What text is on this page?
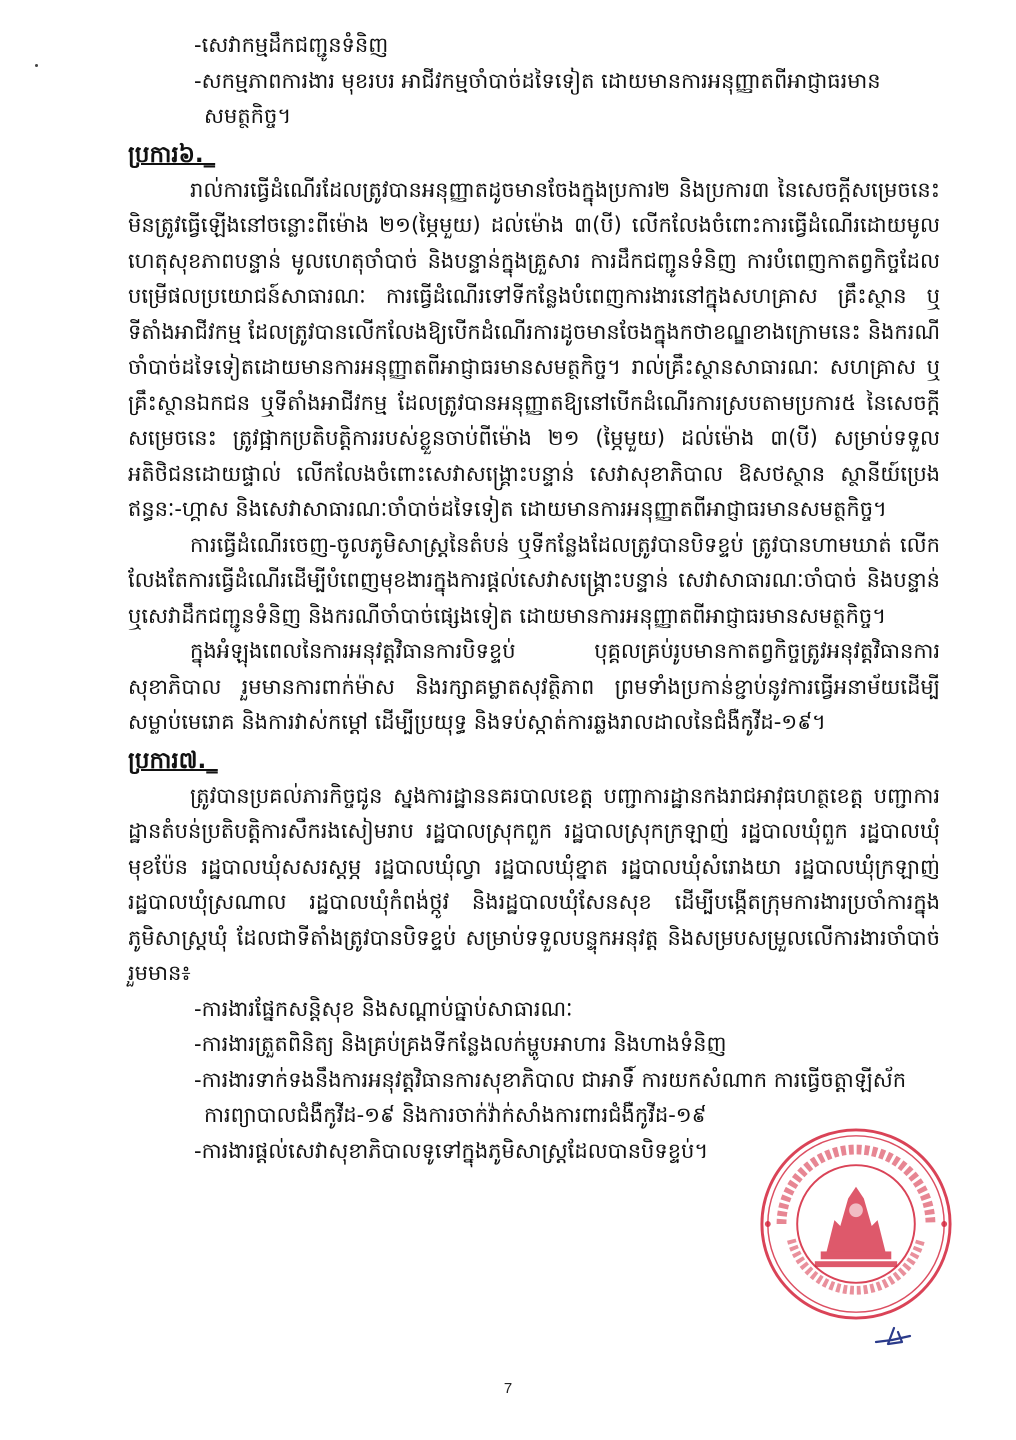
-សេវាកម្មដឹកជញ្ជូនទំនិញ

-សកម្មភាពការងារ មុខរបរ អាជីវកម្មចាំបាច់ដទៃទៀត ដោយមានការអនុញ្ញាតពីអាជ្ញាធរមាន

សមត្ថកិច្ច។

ប្រការ៦._

រាល់ការធ្វើដំណើរដែលត្រូវបានអនុញ្ញាតដូចមានចែងក្នុងប្រការ២ និងប្រការ៣ នៃសេចក្តីសម្រេចនេះ មិនត្រូវធ្វើឡើងនៅចន្លោះពីម៉ោង ២១(ម្ភៃមួយ) ដល់ម៉ោង ៣(បី) លើកលែងចំពោះការធ្វើដំណើរដោយមូលហេតុសុខភាពបន្ទាន់ មូលហេតុចាំបាច់ និងបន្ទាន់ក្នុងគ្រួសារ ការដឹកជញ្ជូនទំនិញ ការបំពេញកាតព្វកិច្ចដែលបម្រើផលប្រយោជន៍សាធារណៈ ការធ្វើដំណើរទៅទីកន្លែងបំពេញការងារនៅក្នុងសហគ្រាស គ្រឹះស្ថាន ឬទីតាំងអាជីវកម្ម ដែលត្រូវបានលើកលែងឱ្យបើកដំណើរការដូចមានចែងក្នុងកថាខណ្ឌខាងក្រោមនេះ និងករណីចាំបាច់ដទៃទៀតដោយមានការអនុញ្ញាតពីអាជ្ញាធរមានសមត្ថកិច្ច។ រាល់គ្រឹះស្ថានសាធារណៈ សហគ្រាស ឬគ្រឹះស្ថានឯកជន ឬទីតាំងអាជីវកម្ម ដែលត្រូវបានអនុញ្ញាតឱ្យនៅបើកដំណើរការស្របតាមប្រការ៥ នៃសេចក្តីសម្រេចនេះ ត្រូវផ្អាកប្រតិបត្តិការរបស់ខ្លួនចាប់ពីម៉ោង ២១ (ម្ភៃមួយ) ដល់ម៉ោង ៣(បី) សម្រាប់ទទួលអតិថិជនដោយផ្ទាល់ លើកលែងចំពោះសេវាសង្គ្រោះបន្ទាន់ សេវាសុខាភិបាល ឱសថស្ថាន ស្ថានីយ៍ប្រេងឥន្ធនៈ-ហ្គាស និងសេវាសាធារណៈចាំបាច់ដទៃទៀត ដោយមានការអនុញ្ញាតពីអាជ្ញាធរមានសមត្ថកិច្ច។

ការធ្វើដំណើរចេញ-ចូលភូមិសាស្ត្រនៃតំបន់ ឬទីកន្លែងដែលត្រូវបានបិទខ្ទប់ ត្រូវបានហាមឃាត់ លើកលែងតែការធ្វើដំណើរដើម្បីបំពេញមុខងារក្នុងការផ្តល់សេវាសង្គ្រោះបន្ទាន់ សេវាសាធារណៈចាំបាច់ និងបន្ទាន់ ឬសេវាដឹកជញ្ជូនទំនិញ និងករណីចាំបាច់ផ្សេងទៀត ដោយមានការអនុញ្ញាតពីអាជ្ញាធរមានសមត្ថកិច្ច។

ក្នុងអំឡុងពេលនៃការអនុវត្តវិធានការបិទខ្ទប់ បុគ្គលគ្រប់រូបមានកាតព្វកិច្ចត្រូវអនុវត្តវិធានការសុខាភិបាល រួមមានការពាក់ម៉ាស និងរក្សាគម្លាតសុវត្ថិភាព ព្រមទាំងប្រកាន់ខ្ជាប់នូវការធ្វើអនាម័យដើម្បីសម្លាប់មេរោគ និងការវាស់កម្ដៅ ដើម្បីប្រយុទ្ធ និងទប់ស្កាត់ការឆ្លងរាលដាលនៃជំងឺកូវីដ-១៩។

ប្រការ៧._

ត្រូវបានប្រគល់ភារកិច្ចជូន ស្នងការដ្ឋាននគរបាលខេត្ត បញ្ជាការដ្ឋានកងរាជអាវុធហត្ថខេត្ត បញ្ជាការដ្ឋានតំបន់ប្រតិបត្តិការសឹករងសៀមរាប រដ្ឋបាលស្រុកពួក រដ្ឋបាលស្រុកក្រឡាញ់ រដ្ឋបាលឃុំពួក រដ្ឋបាលឃុំមុខប៉ែន រដ្ឋបាលឃុំសសរស្តម្ភ រដ្ឋបាលឃុំល្វា រដ្ឋបាលឃុំខ្នាត រដ្ឋបាលឃុំសំរោងយា រដ្ឋបាលឃុំក្រឡាញ់ រដ្ឋបាលឃុំស្រណាល រដ្ឋបាលឃុំកំពង់ថ្កូវ និងរដ្ឋបាលឃុំសែនសុខ ដើម្បីបង្កើតក្រុមការងារប្រចាំការក្នុងភូមិសាស្ត្រឃុំ ដែលជាទីតាំងត្រូវបានបិទខ្ទប់ សម្រាប់ទទួលបន្ទុកអនុវត្ត និងសម្របសម្រួលលើការងារចាំបាច់ រួមមាន៖

-ការងារផ្នែកសន្តិសុខ និងសណ្តាប់ធ្នាប់សាធារណៈ

-ការងារត្រួតពិនិត្យ និងគ្រប់គ្រងទីកន្លែងលក់ម្ហូបអាហារ និងហាងទំនិញ

-ការងារទាក់ទងនឹងការអនុវត្តវិធានការសុខាភិបាល ជាអាទិ៍ ការយកសំណាក ការធ្វើចត្តាឡីស័ក

ការព្យាបាលជំងឺកូវីដ-១៩ និងការចាក់វ៉ាក់សាំងការពារជំងឺកូវីដ-១៩

-ការងារផ្តល់សេវាសុខាភិបាលទូទៅក្នុងភូមិសាស្ត្រដែលបានបិទខ្ទប់។

7
